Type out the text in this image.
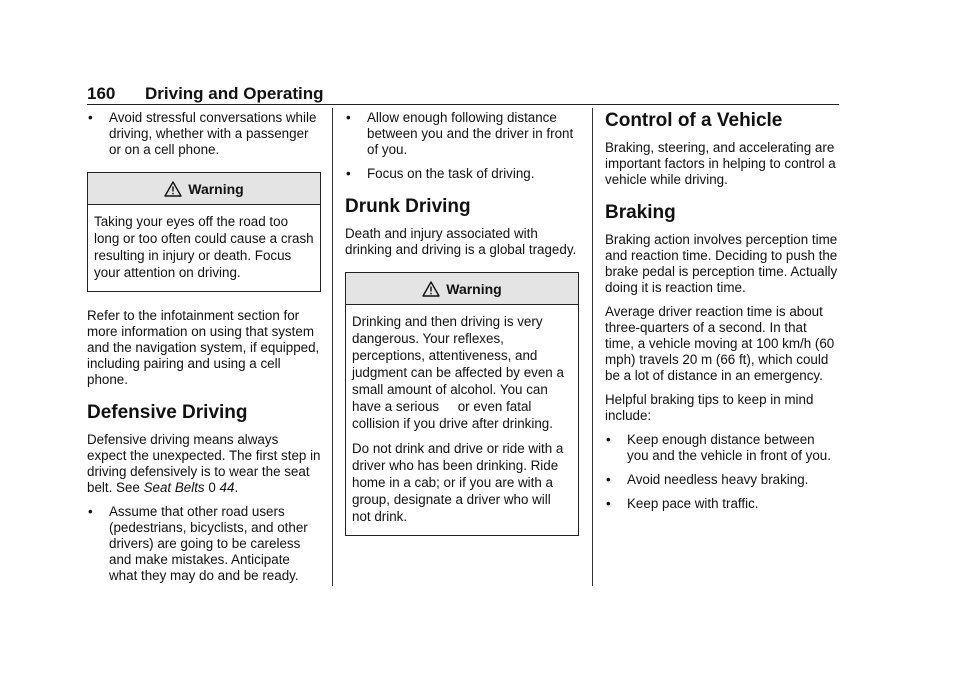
160 Driving and Operating
• Avoid stressful conversations while driving, whether with a passenger or on a cell phone.
Warning

Taking your eyes off the road too long or too often could cause a crash resulting in injury or death. Focus your attention on driving.

Refer to the infotainment section for more information on using that system and the navigation system, if equipped, including pairing and using a cell phone.

Defensive Driving

Defensive driving means always expect the unexpected. The first step in driving defensively is to wear the seat belt. See Seat Belts 0 44.

• Assume that other road users (pedestrians, bicyclists, and other drivers) are going to be careless and make mistakes. Anticipate what they may do and be ready.
• Allow enough following distance between you and the driver in front of you.
• Focus on the task of driving.
Drunk Driving

Death and injury associated with drinking and driving is a global tragedy.

Warning

Drinking and then driving is very dangerous. Your reflexes, perceptions, attentiveness, and judgment can be affected by even a small amount of alcohol. You can have a serious     or even fatal     collision if you drive after drinking.

Do not drink and drive or ride with a driver who has been drinking. Ride home in a cab; or if you are with a group, designate a driver who will not drink.

Control of a Vehicle

Braking, steering, and accelerating are important factors in helping to control a vehicle while driving.

Braking

Braking action involves perception time and reaction time. Deciding to push the brake pedal is perception time. Actually doing it is reaction time.

Average driver reaction time is about three-quarters of a second. In that time, a vehicle moving at 100 km/h (60 mph) travels 20 m (66 ft), which could be a lot of distance in an emergency.

Helpful braking tips to keep in mind include:

• Keep enough distance between you and the vehicle in front of you.
• Avoid needless heavy braking.
• Keep pace with traffic.
